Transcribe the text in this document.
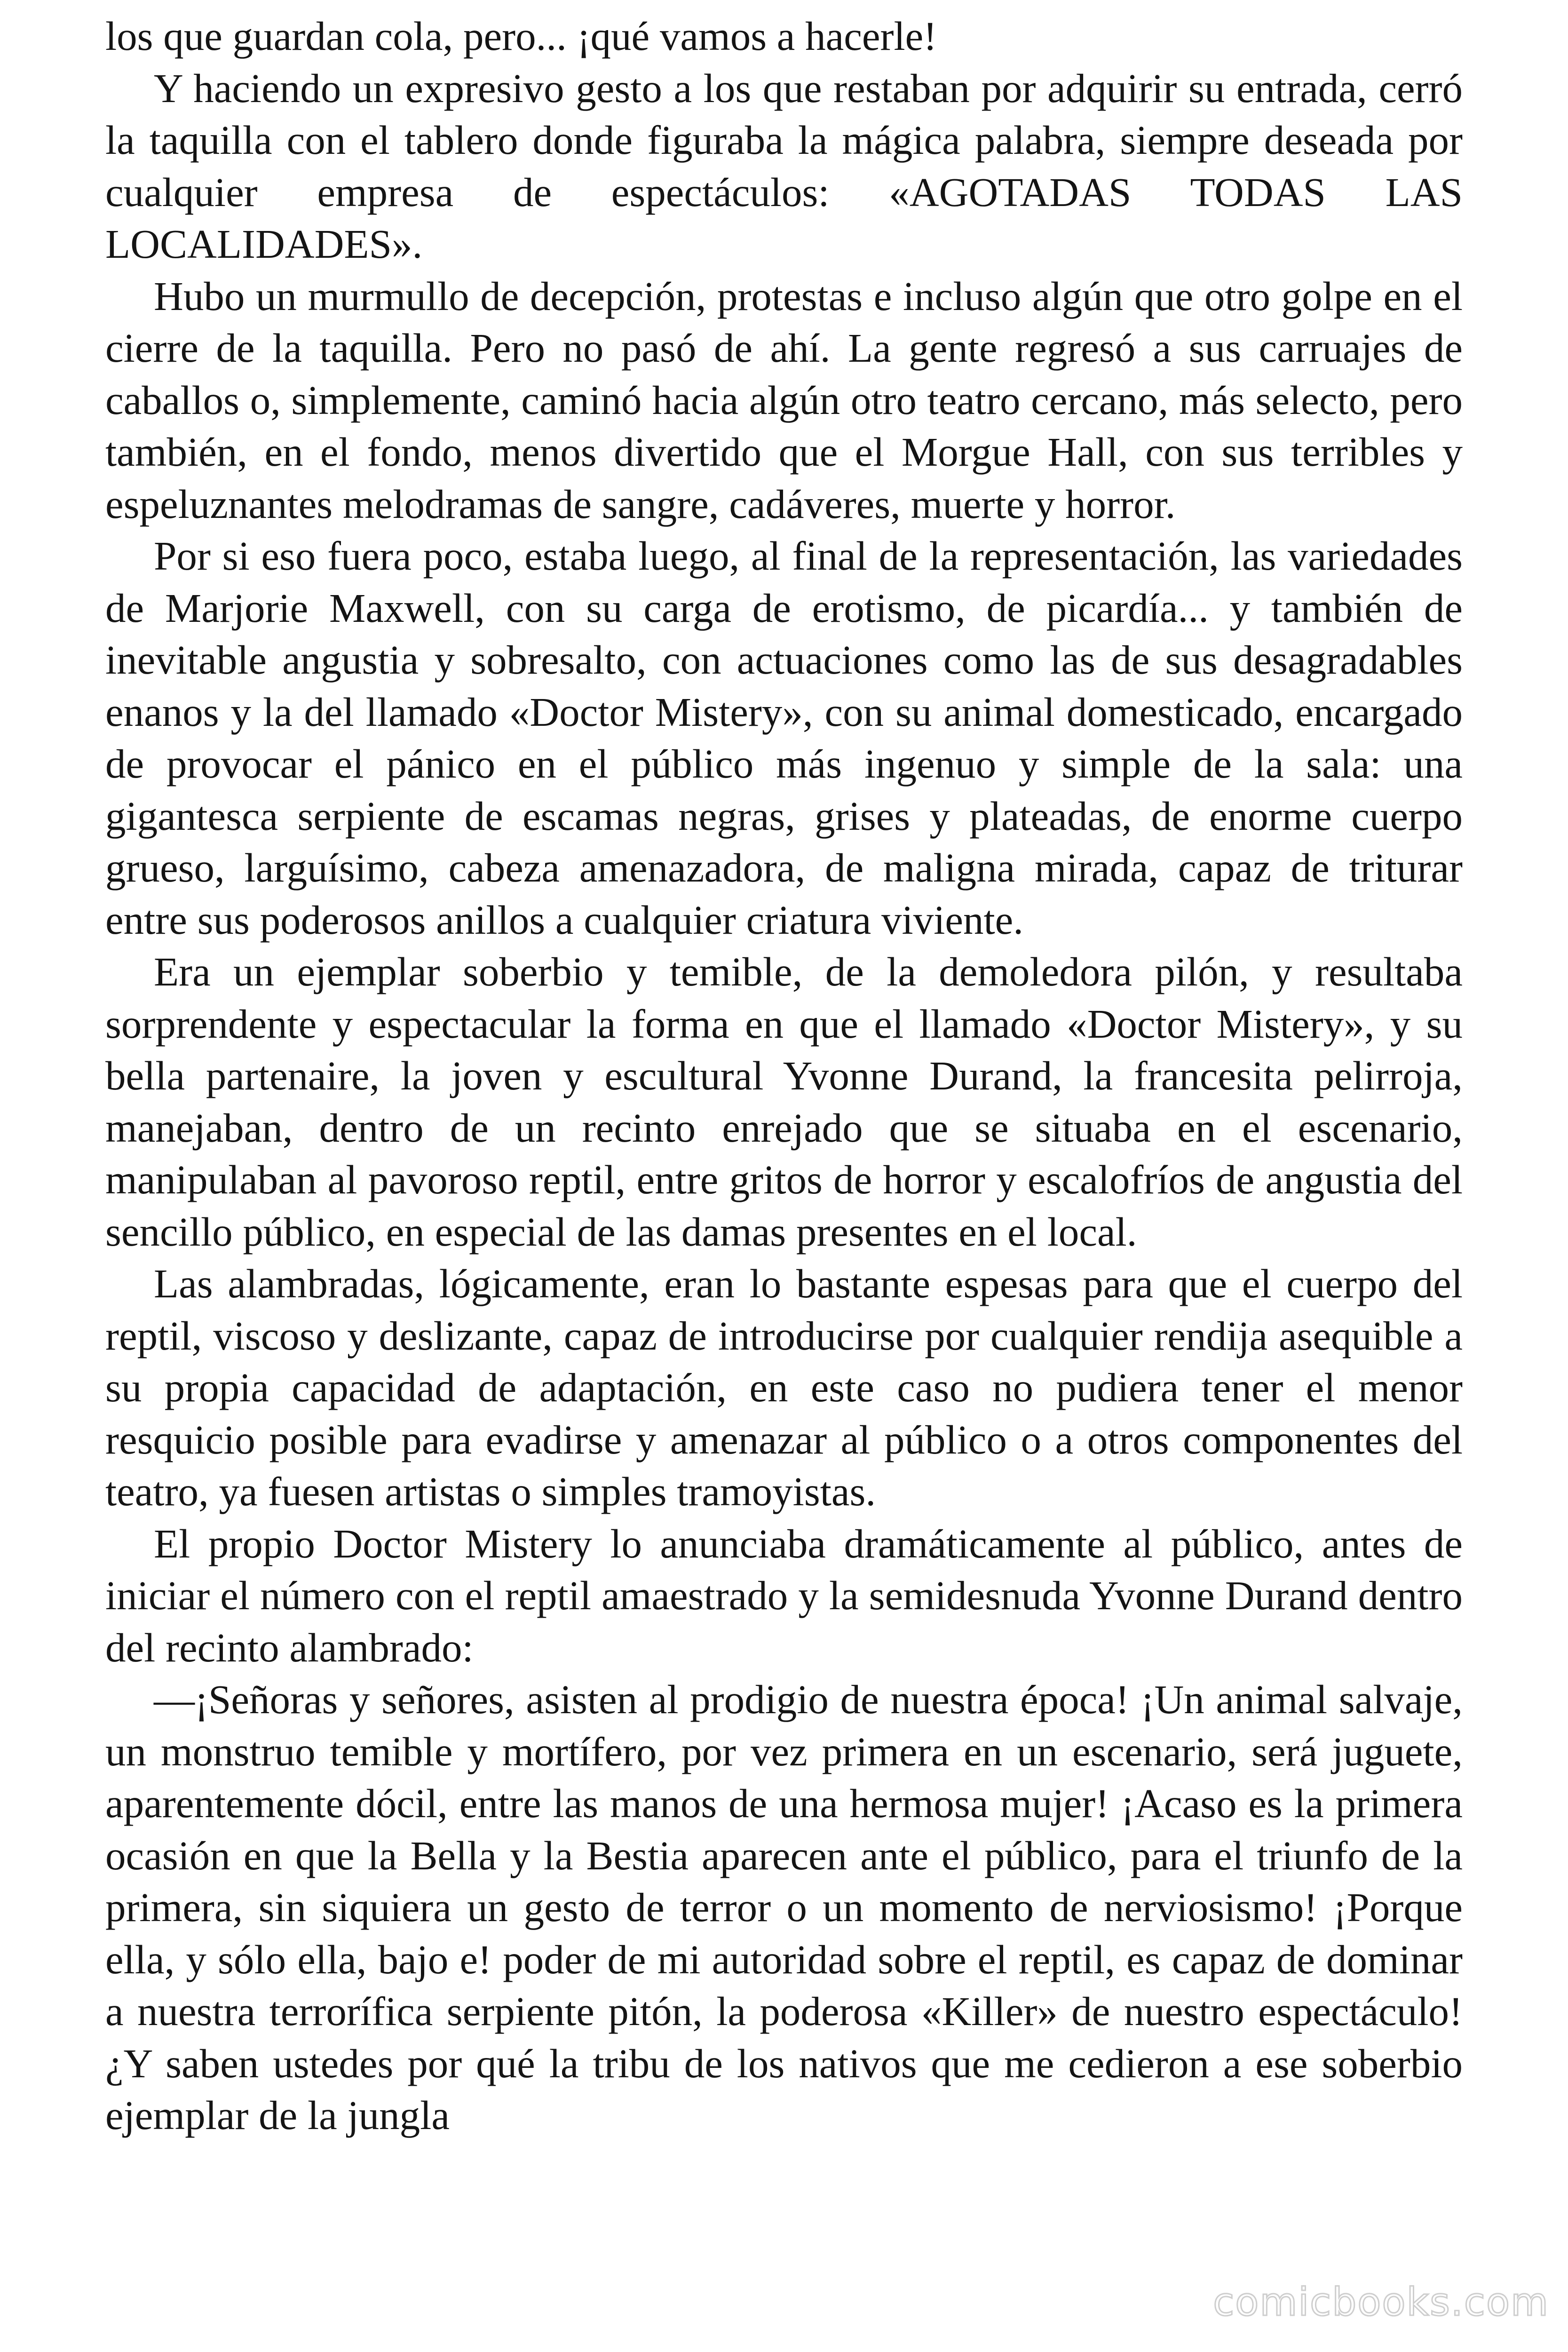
los que guardan cola, pero... ¡qué vamos a hacerle!

Y haciendo un expresivo gesto a los que restaban por adquirir su entrada, cerró la taquilla con el tablero donde figuraba la mágica palabra, siempre deseada por cualquier empresa de espectáculos: «AGOTADAS TODAS LAS LOCALIDADES».

Hubo un murmullo de decepción, protestas e incluso algún que otro golpe en el cierre de la taquilla. Pero no pasó de ahí. La gente regresó a sus carruajes de caballos o, simplemente, caminó hacia algún otro teatro cercano, más selecto, pero también, en el fondo, menos divertido que el Morgue Hall, con sus terribles y espeluznantes melodramas de sangre, cadáveres, muerte y horror.

Por si eso fuera poco, estaba luego, al final de la representación, las variedades de Marjorie Maxwell, con su carga de erotismo, de picardía... y también de inevitable angustia y sobresalto, con actuaciones como las de sus desagradables enanos y la del llamado «Doctor Mistery», con su animal domesticado, encargado de provocar el pánico en el público más ingenuo y simple de la sala: una gigantesca serpiente de escamas negras, grises y plateadas, de enorme cuerpo grueso, larguísimo, cabeza amenazadora, de maligna mirada, capaz de triturar entre sus poderosos anillos a cualquier criatura viviente.

Era un ejemplar soberbio y temible, de la demoledora pilón, y resultaba sorprendente y espectacular la forma en que el llamado «Doctor Mistery», y su bella partenaire, la joven y escultural Yvonne Durand, la francesita pelirroja, manejaban, dentro de un recinto enrejado que se situaba en el escenario, manipulaban al pavoroso reptil, entre gritos de horror y escalofríos de angustia del sencillo público, en especial de las damas presentes en el local.

Las alambradas, lógicamente, eran lo bastante espesas para que el cuerpo del reptil, viscoso y deslizante, capaz de introducirse por cualquier rendija asequible a su propia capacidad de adaptación, en este caso no pudiera tener el menor resquicio posible para evadirse y amenazar al público o a otros componentes del teatro, ya fuesen artistas o simples tramoyistas.

El propio Doctor Mistery lo anunciaba dramáticamente al público, antes de iniciar el número con el reptil amaestrado y la semidesnuda Yvonne Durand dentro del recinto alambrado:

—¡Señoras y señores, asisten al prodigio de nuestra época! ¡Un animal salvaje, un monstruo temible y mortífero, por vez primera en un escenario, será juguete, aparentemente dócil, entre las manos de una hermosa mujer! ¡Acaso es la primera ocasión en que la Bella y la Bestia aparecen ante el público, para el triunfo de la primera, sin siquiera un gesto de terror o un momento de nerviosismo! ¡Porque ella, y sólo ella, bajo e! poder de mi autoridad sobre el reptil, es capaz de dominar a nuestra terrorífica serpiente pitón, la poderosa «Killer» de nuestro espectáculo! ¿Y saben ustedes por qué la tribu de los nativos que me cedieron a ese soberbio ejemplar de la jungla

comicbooks.com
